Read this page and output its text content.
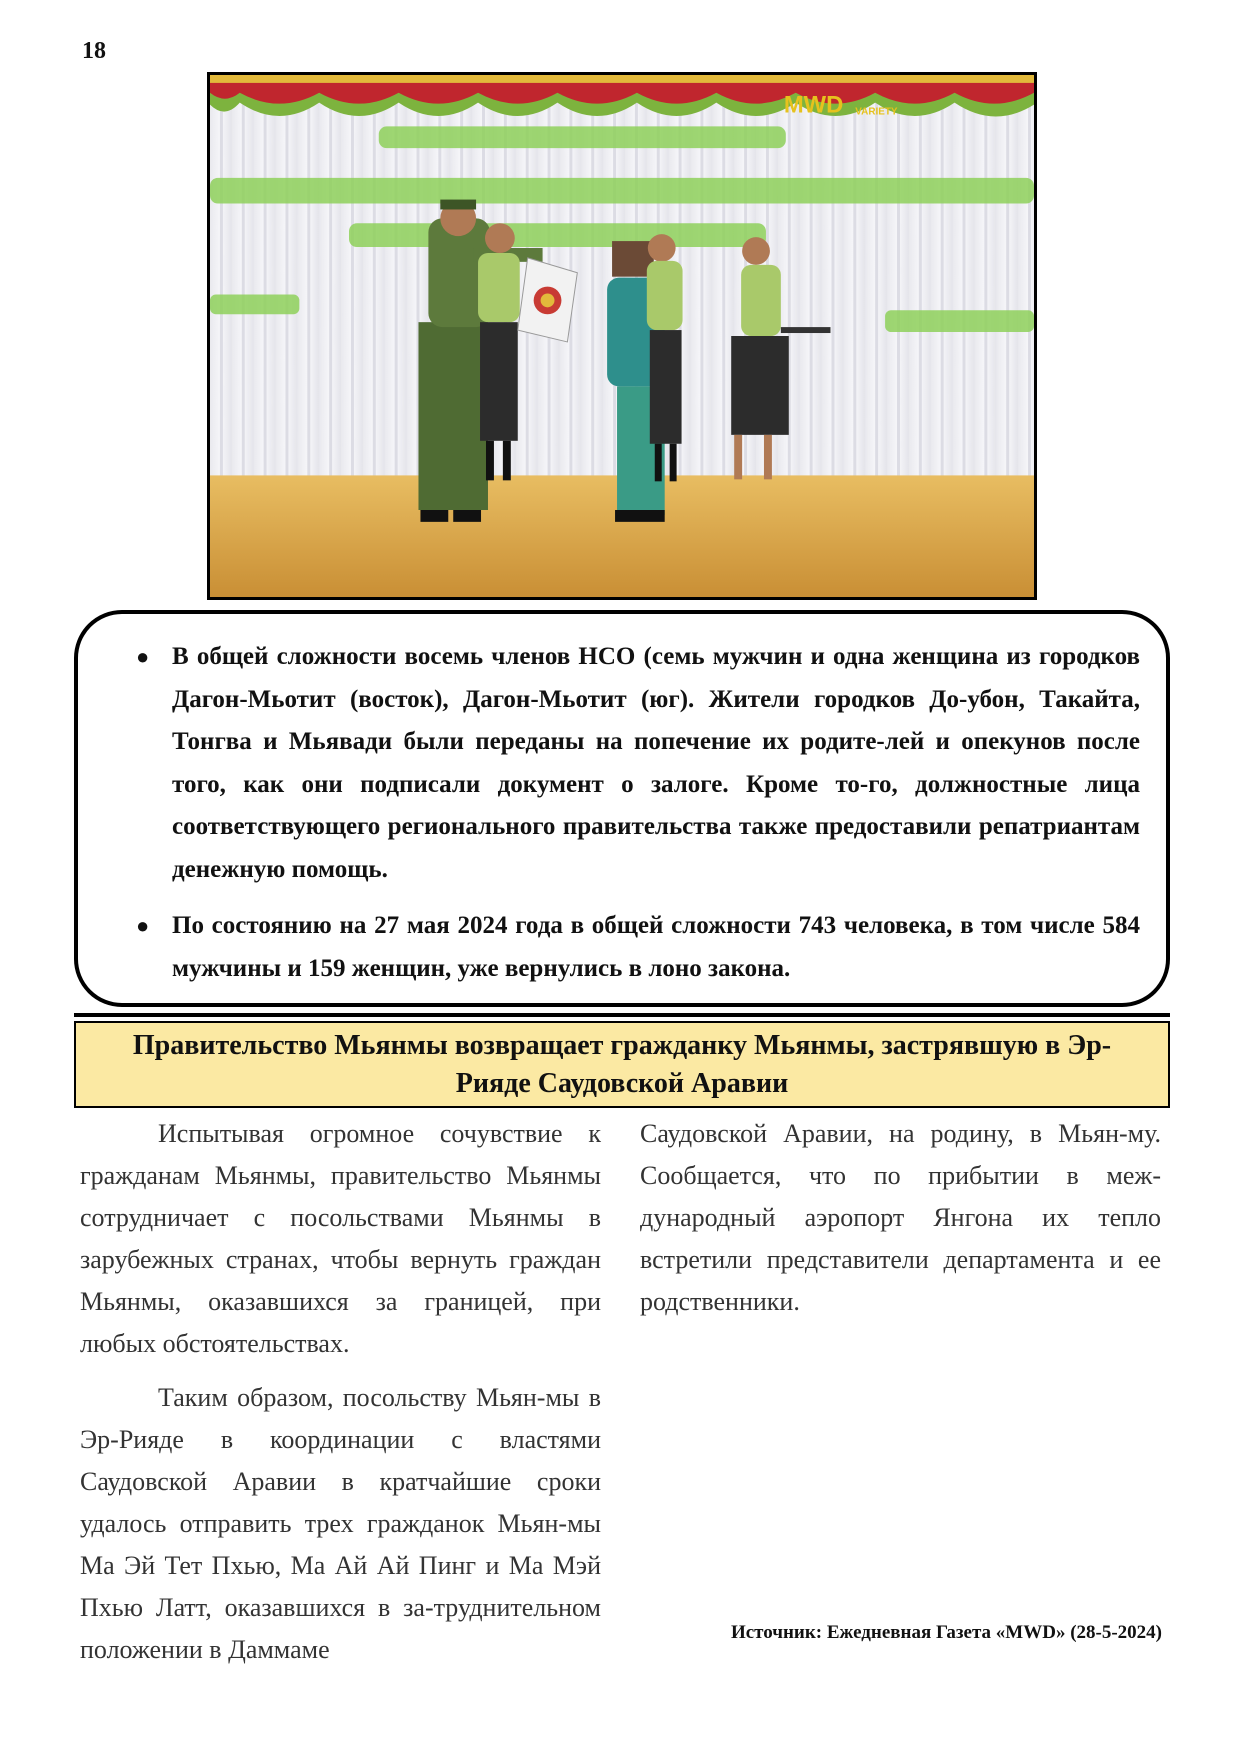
18
MWD VARIETY
● В общей сложности восемь членов НСО (семь мужчин и одна женщина из городков Дагон-Мьотит (восток), Дагон-Мьотит (юг). Жители городков До-убон, Такайта, Тонгва и Мьявади были переданы на попечение их родите-лей и опекунов после того, как они подписали документ о залоге. Кроме то-го, должностные лица соответствующего регионального правительства также предоставили репатриантам денежную помощь.
● По состоянию на 27 мая 2024 года в общей сложности 743 человека, в том числе 584 мужчины и 159 женщин, уже вернулись в лоно закона.
Правительство Мьянмы возвращает гражданку Мьянмы, застрявшую в Эр-Рияде Саудовской Аравии

Испытывая огромное сочувствие к гражданам Мьянмы, правительство Мьянмы сотрудничает с посольствами Мьянмы в зарубежных странах, чтобы вернуть граждан Мьянмы, оказавшихся за границей, при любых обстоятельствах.

Таким образом, посольству Мьян-мы в Эр-Рияде в координации с властями Саудовской Аравии в кратчайшие сроки удалось отправить трех гражданок Мьян-мы Ма Эй Тет Пхью, Ма Ай Ай Пинг и Ма Мэй Пхью Латт, оказавшихся в за-труднительном положении в Даммаме

Саудовской Аравии, на родину, в Мьян-му. Сообщается, что по прибытии в меж-дународный аэропорт Янгона их тепло встретили представители департамента и ее родственники.

Источник: Ежедневная Газета «MWD» (28-5-2024)
